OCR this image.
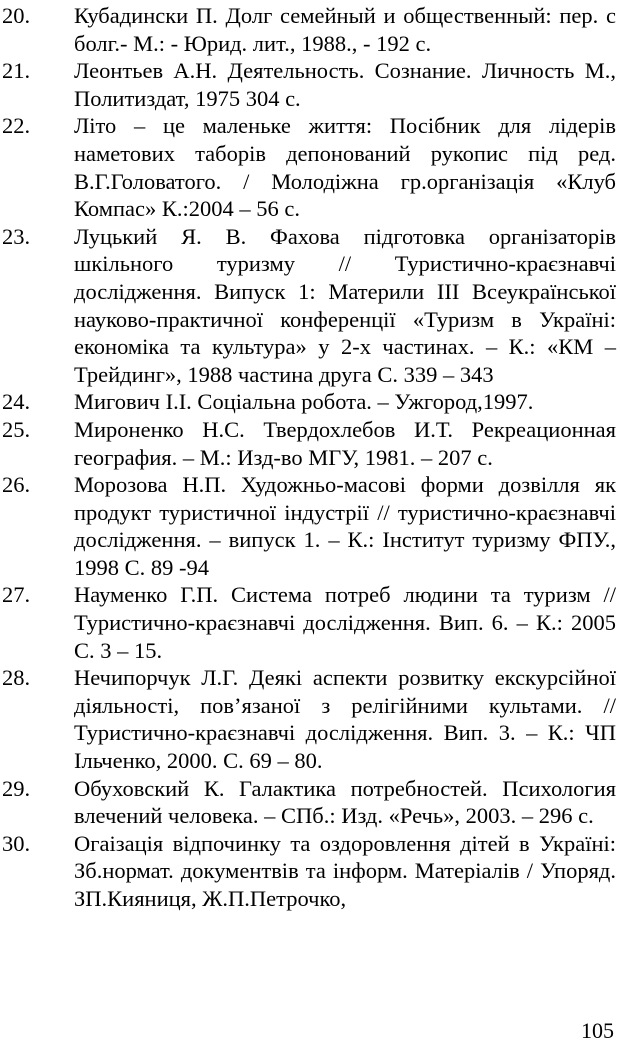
20.	Кубадински П. Долг семейный и общественный: пер. с болг.- М.: - Юрид. лит., 1988., - 192 с.
21.	Леонтьев А.Н. Деятельность. Сознание. Личность М., Политиздат, 1975 304 с.
22.	Літо – це маленьке життя: Посібник для лідерів наметових таборів депонований рукопис під ред. В.Г.Головатого. / Молодіжна гр.організація «Клуб Компас» К.:2004 – 56 с.
23.	Луцький Я. В. Фахова підготовка організаторів шкільного туризму // Туристично-краєзнавчі дослідження. Випуск 1: Материли ІІІ Всеукраїнської науково-практичної конференції «Туризм в Україні: економіка та культура» у 2-х частинах. – К.: «КМ – Трейдинг», 1988 частина друга С. 339 – 343
24.	Мигович І.І. Соціальна робота. – Ужгород,1997.
25.	Мироненко Н.С. Твердохлебов И.Т. Рекреационная география. – М.: Изд-во МГУ, 1981. – 207 с.
26.	Морозова Н.П. Художньо-масові форми дозвілля як продукт туристичної індустрії // туристично-краєзнавчі дослідження. – випуск 1. – К.: Інститут туризму ФПУ., 1998 С. 89 -94
27.	Науменко Г.П. Система потреб людини та туризм // Туристично-краєзнавчі дослідження. Вип. 6. – К.: 2005 С. 3 – 15.
28.	Нечипорчук Л.Г. Деякі аспекти розвитку екскурсійної діяльності, пов’язаної з релігійними культами. // Туристично-краєзнавчі дослідження. Вип. 3. – К.: ЧП Ільченко, 2000. С. 69 – 80.
29.	Обуховский К. Галактика потребностей. Психология влечений человека. – СПб.: Изд. «Речь», 2003. – 296 с.
30.	Огаізація відпочинку та оздоровлення дітей в Україні: Зб.нормат. документвів та інформ. Матеріалів / Упоряд. ЗП.Кияниця, Ж.П.Петрочко,
105
